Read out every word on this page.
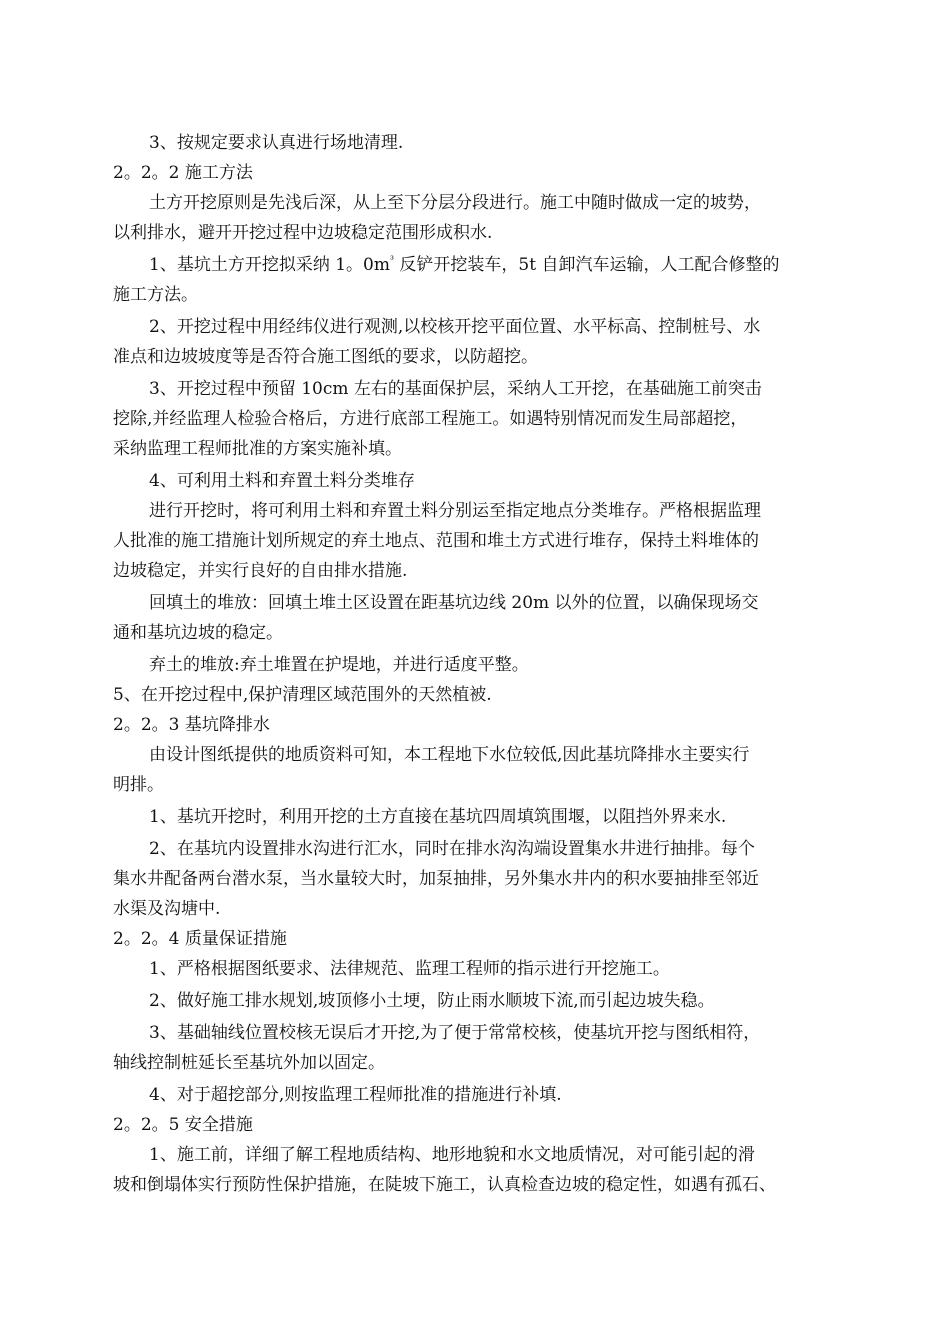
3、按规定要求认真进行场地清理.

2。2。2 施工方法

土方开挖原则是先浅后深，从上至下分层分段进行。施工中随时做成一定的坡势，

以利排水，避开开挖过程中边坡稳定范围形成积水.

1、基坑土方开挖拟采纳 1。$0m^{^3}$ 反铲开挖装车，5t 自卸汽车运输，人工配合修整的

施工方法。

2、开挖过程中用经纬仪进行观测,以校核开挖平面位置、水平标高、控制桩号、水

准点和边坡坡度等是否符合施工图纸的要求，以防超挖。

3、开挖过程中预留 10cm 左右的基面保护层，采纳人工开挖，在基础施工前突击

挖除,并经监理人检验合格后，方进行底部工程施工。如遇特别情况而发生局部超挖，

采纳监理工程师批准的方案实施补填。

4、可利用土料和弃置土料分类堆存

进行开挖时，将可利用土料和弃置土料分别运至指定地点分类堆存。严格根据监理

人批准的施工措施计划所规定的弃土地点、范围和堆土方式进行堆存，保持土料堆体的

边坡稳定，并实行良好的自由排水措施.

回填土的堆放：回填土堆土区设置在距基坑边线 20m 以外的位置，以确保现场交

通和基坑边坡的稳定。

弃土的堆放:弃土堆置在护堤地，并进行适度平整。

5、在开挖过程中,保护清理区域范围外的天然植被.

2。2。3 基坑降排水

由设计图纸提供的地质资料可知，本工程地下水位较低,因此基坑降排水主要实行

明排。

1、基坑开挖时，利用开挖的土方直接在基坑四周填筑围堰，以阻挡外界来水.

2、在基坑内设置排水沟进行汇水，同时在排水沟沟端设置集水井进行抽排。每个

集水井配备两台潜水泵，当水量较大时，加泵抽排，另外集水井内的积水要抽排至邻近

水渠及沟塘中.

2。2。4 质量保证措施

1、严格根据图纸要求、法律规范、监理工程师的指示进行开挖施工。

2、做好施工排水规划,坡顶修小土埂，防止雨水顺坡下流,而引起边坡失稳。

3、基础轴线位置校核无误后才开挖,为了便于常常校核，使基坑开挖与图纸相符，

轴线控制桩延长至基坑外加以固定。

4、对于超挖部分,则按监理工程师批准的措施进行补填.

2。2。5 安全措施

1、施工前，详细了解工程地质结构、地形地貌和水文地质情况，对可能引起的滑

坡和倒塌体实行预防性保护措施，在陡坡下施工，认真检查边坡的稳定性，如遇有孤石、
